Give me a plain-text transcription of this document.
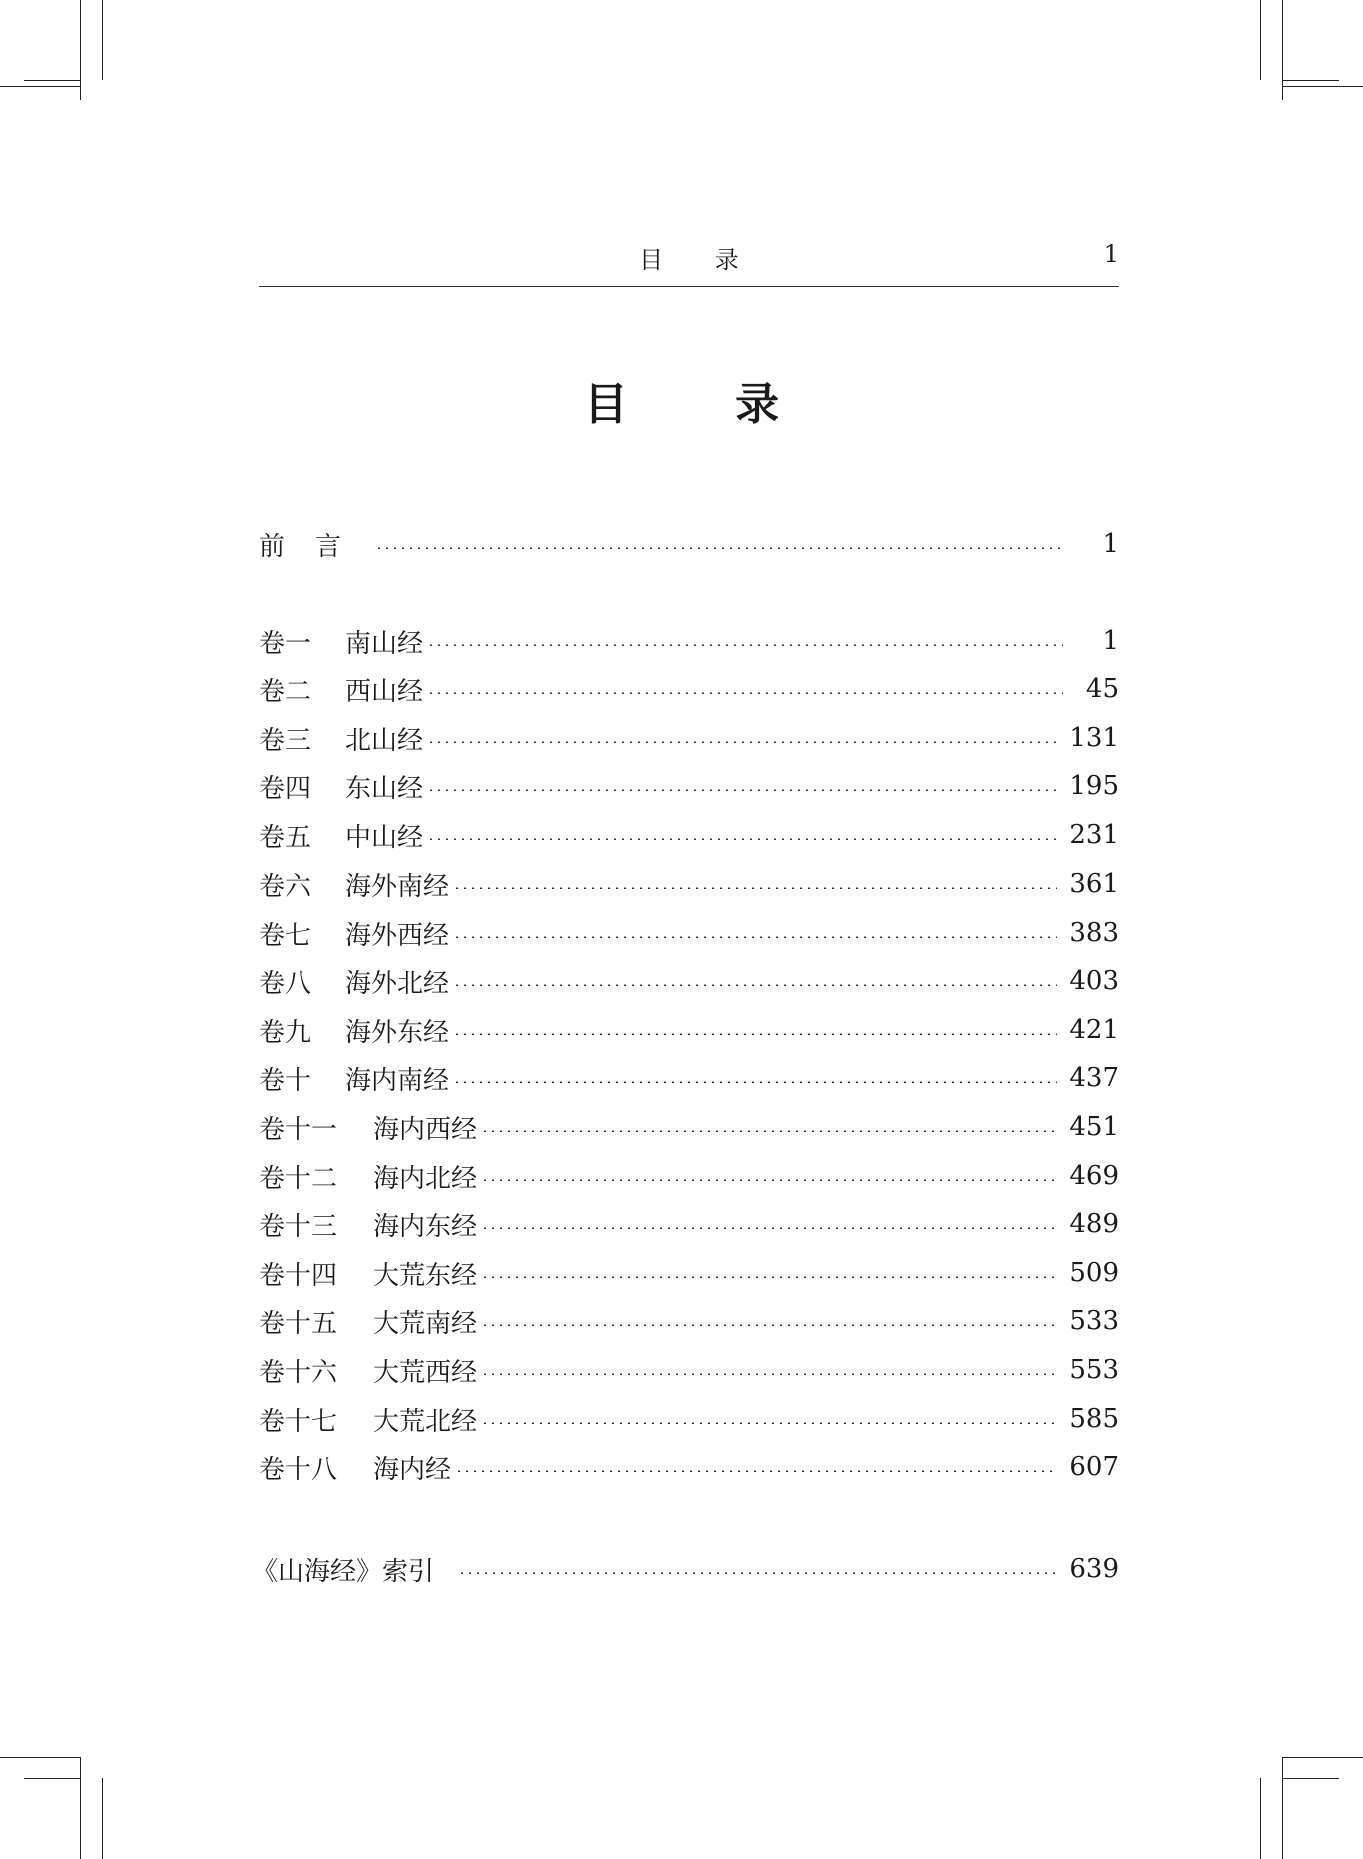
目 录	1
目 录
前言	1
卷一	南山经	1
卷二	西山经	45
卷三	北山经	131
卷四	东山经	195
卷五	中山经	231
卷六	海外南经	361
卷七	海外西经	383
卷八	海外北经	403
卷九	海外东经	421
卷十	海内南经	437
卷十一	海内西经	451
卷十二	海内北经	469
卷十三	海内东经	489
卷十四	大荒东经	509
卷十五	大荒南经	533
卷十六	大荒西经	553
卷十七	大荒北经	585
卷十八	海内经	607
《山海经》索引	639
